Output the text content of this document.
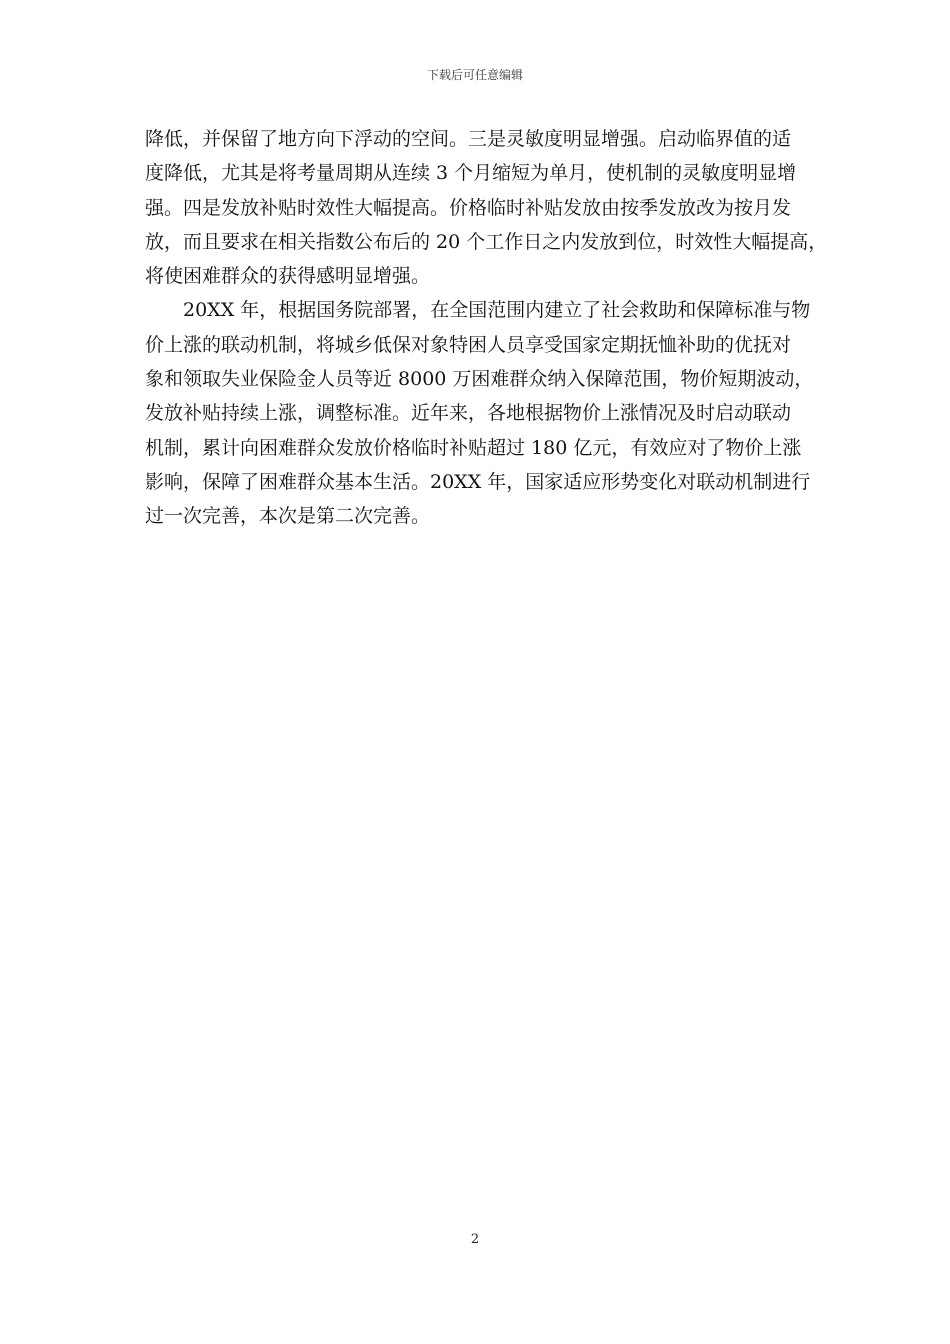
下载后可任意编辑
降低，并保留了地方向下浮动的空间。三是灵敏度明显增强。启动临界值的适
度降低，尤其是将考量周期从连续 3 个月缩短为单月，使机制的灵敏度明显增
强。四是发放补贴时效性大幅提高。价格临时补贴发放由按季发放改为按月发
放，而且要求在相关指数公布后的 20 个工作日之内发放到位，时效性大幅提高，
将使困难群众的获得感明显增强。
20XX 年，根据国务院部署，在全国范围内建立了社会救助和保障标准与物
价上涨的联动机制，将城乡低保对象特困人员享受国家定期抚恤补助的优抚对
象和领取失业保险金人员等近 8000 万困难群众纳入保障范围，物价短期波动，
发放补贴持续上涨，调整标准。近年来，各地根据物价上涨情况及时启动联动
机制，累计向困难群众发放价格临时补贴超过 180 亿元，有效应对了物价上涨
影响，保障了困难群众基本生活。20XX 年，国家适应形势变化对联动机制进行
过一次完善，本次是第二次完善。
2
